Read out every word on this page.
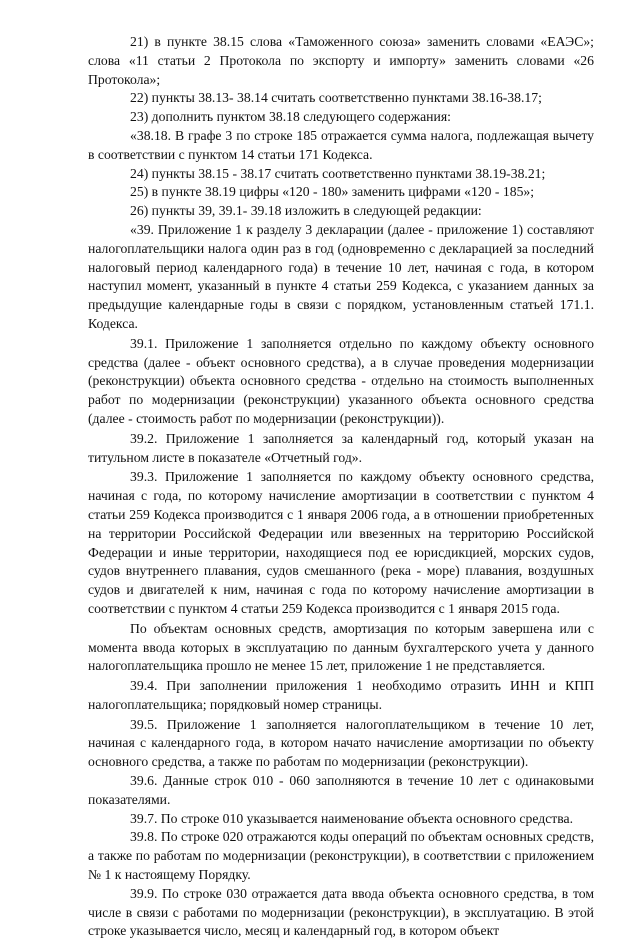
21) в пункте 38.15 слова «Таможенного союза» заменить словами «ЕАЭС»; слова «11 статьи 2 Протокола по экспорту и импорту» заменить словами «26 Протокола»;

22) пункты 38.13- 38.14 считать соответственно пунктами 38.16-38.17;

23) дополнить пунктом 38.18 следующего содержания:

«38.18. В графе 3 по строке 185 отражается сумма налога, подлежащая вычету в соответствии с пунктом 14 статьи 171 Кодекса.

24) пункты 38.15 - 38.17 считать соответственно пунктами 38.19-38.21;

25) в пункте 38.19 цифры «120 - 180» заменить цифрами «120 - 185»;

26) пункты 39, 39.1- 39.18 изложить в следующей редакции:

«39. Приложение 1 к разделу 3 декларации (далее - приложение 1) составляют налогоплательщики налога один раз в год (одновременно с декларацией за последний налоговый период календарного года) в течение 10 лет, начиная с года, в котором наступил момент, указанный в пункте 4 статьи 259 Кодекса, с указанием данных за предыдущие календарные годы в связи с порядком, установленным статьей 171.1. Кодекса.

39.1. Приложение 1 заполняется отдельно по каждому объекту основного средства (далее - объект основного средства), а в случае проведения модернизации (реконструкции) объекта основного средства - отдельно на стоимость выполненных работ по модернизации (реконструкции) указанного объекта основного средства (далее - стоимость работ по модернизации (реконструкции)).

39.2. Приложение 1 заполняется за календарный год, который указан на титульном листе в показателе «Отчетный год».

39.3. Приложение 1 заполняется по каждому объекту основного средства, начиная с года, по которому начисление амортизации в соответствии с пунктом 4 статьи 259 Кодекса производится с 1 января 2006 года, а в отношении приобретенных на территории Российской Федерации или ввезенных на территорию Российской Федерации и иные территории, находящиеся под ее юрисдикцией, морских судов, судов внутреннего плавания, судов смешанного (река - море) плавания, воздушных судов и двигателей к ним, начиная с года по которому начисление амортизации в соответствии с пунктом 4 статьи 259 Кодекса производится с 1 января 2015 года.

По объектам основных средств, амортизация по которым завершена или с момента ввода которых в эксплуатацию по данным бухгалтерского учета у данного налогоплательщика прошло не менее 15 лет, приложение 1 не представляется.

39.4. При заполнении приложения 1 необходимо отразить ИНН и КПП налогоплательщика; порядковый номер страницы.

39.5. Приложение 1 заполняется налогоплательщиком в течение 10 лет, начиная с календарного года, в котором начато начисление амортизации по объекту основного средства, а также по работам по модернизации (реконструкции).

39.6. Данные строк 010 - 060 заполняются в течение 10 лет с одинаковыми показателями.

39.7. По строке 010 указывается наименование объекта основного средства.

39.8. По строке 020 отражаются коды операций по объектам основных средств, а также по работам по модернизации (реконструкции), в соответствии с приложением № 1 к настоящему Порядку.

39.9. По строке 030 отражается дата ввода объекта основного средства, в том числе в связи с работами по модернизации (реконструкции), в эксплуатацию. В этой строке указывается число, месяц и календарный год, в котором объект
